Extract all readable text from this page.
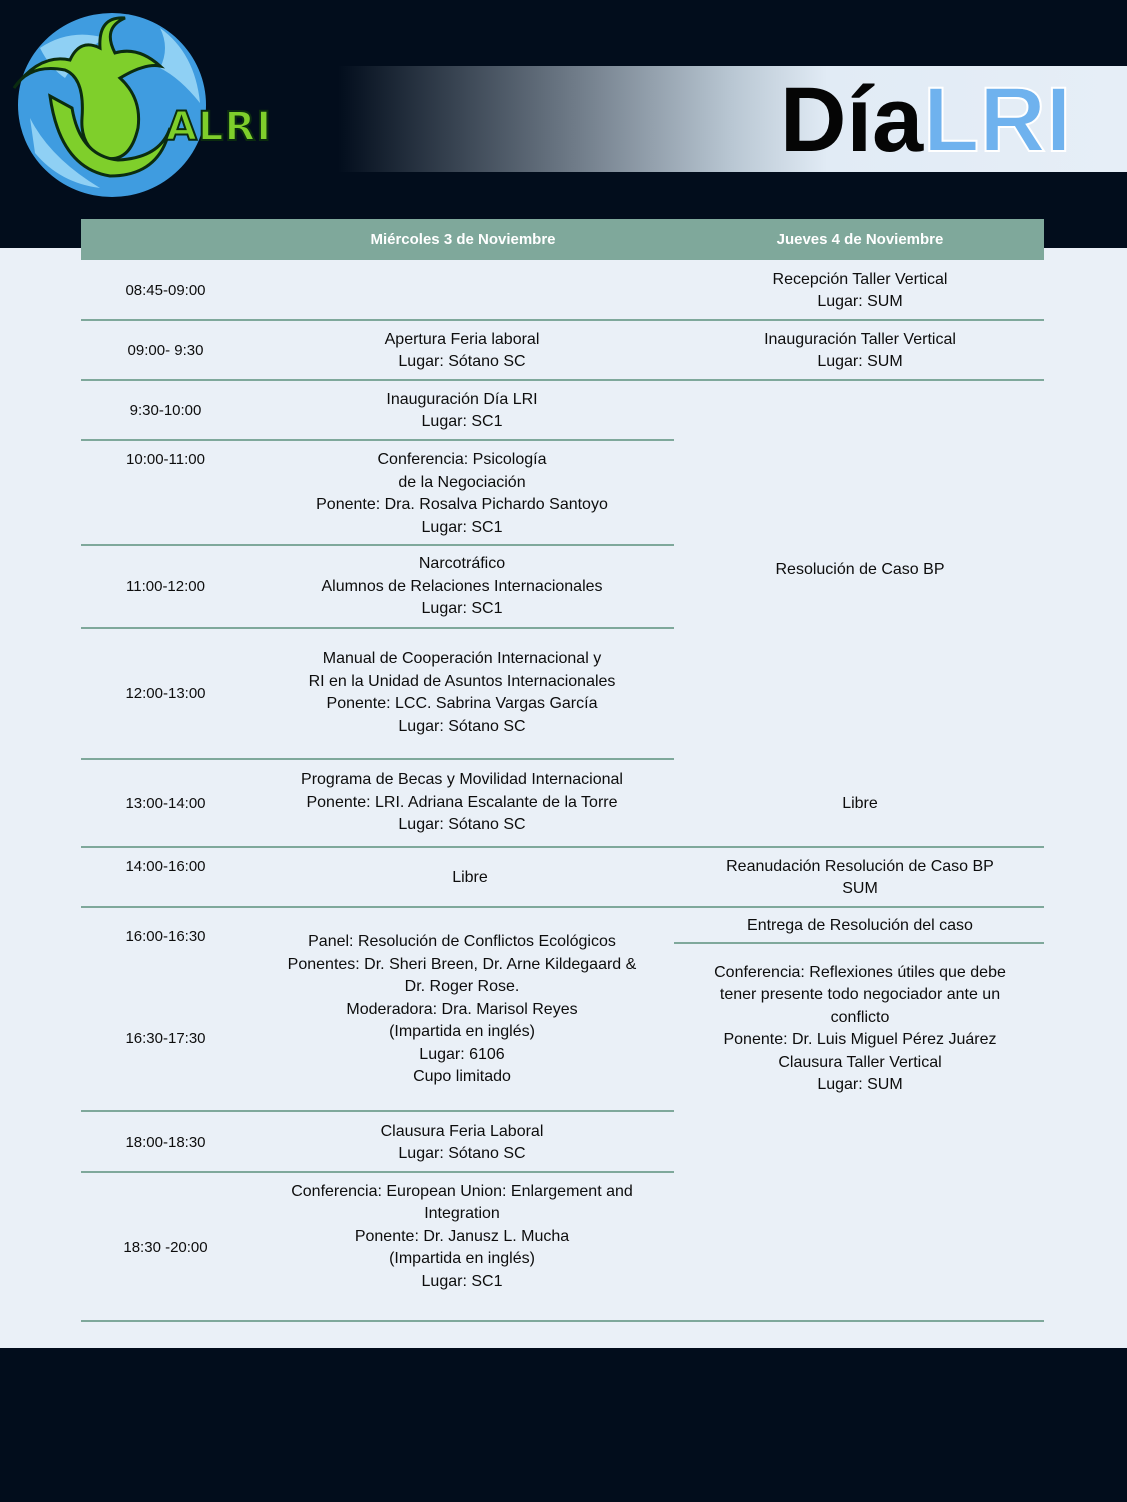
ALRI	DíaLRI
Miércoles 3 de Noviembre	Jueves 4 de Noviembre
08:45-09:00
09:00- 9:30
9:30-10:00
10:00-11:00
11:00-12:00
12:00-13:00
13:00-14:00
14:00-16:00
16:00-16:30
16:30-17:30
18:00-18:30
18:30 -20:00
Apertura Feria laboral
Lugar: Sótano SC
Inauguración Día LRI
Lugar: SC1
Conferencia: Psicología
de la Negociación
Ponente: Dra. Rosalva Pichardo Santoyo
Lugar: SC1
Narcotráfico
Alumnos de Relaciones Internacionales
Lugar: SC1
Manual de Cooperación Internacional y
RI en la Unidad de Asuntos Internacionales
Ponente: LCC. Sabrina Vargas García
Lugar: Sótano SC
Programa de Becas y Movilidad Internacional
Ponente: LRI. Adriana Escalante de la Torre
Lugar: Sótano SC
Libre
Panel: Resolución de Conflictos Ecológicos
Ponentes: Dr. Sheri Breen, Dr. Arne Kildegaard &
Dr. Roger Rose.
Moderadora: Dra. Marisol Reyes
(Impartida en inglés)
Lugar: 6106
Cupo limitado
Clausura Feria Laboral
Lugar: Sótano SC
Conferencia: European Union: Enlargement and
Integration
Ponente: Dr. Janusz L. Mucha
(Impartida en inglés)
Lugar: SC1
Recepción Taller Vertical
Lugar: SUM
Inauguración Taller Vertical
Lugar: SUM
Resolución de Caso BP
Libre
Reanudación Resolución de Caso BP
SUM
Entrega de Resolución del caso
Conferencia: Reflexiones útiles que debe
tener presente todo negociador ante un
conflicto
Ponente: Dr. Luis Miguel Pérez Juárez
Clausura Taller Vertical
Lugar: SUM
